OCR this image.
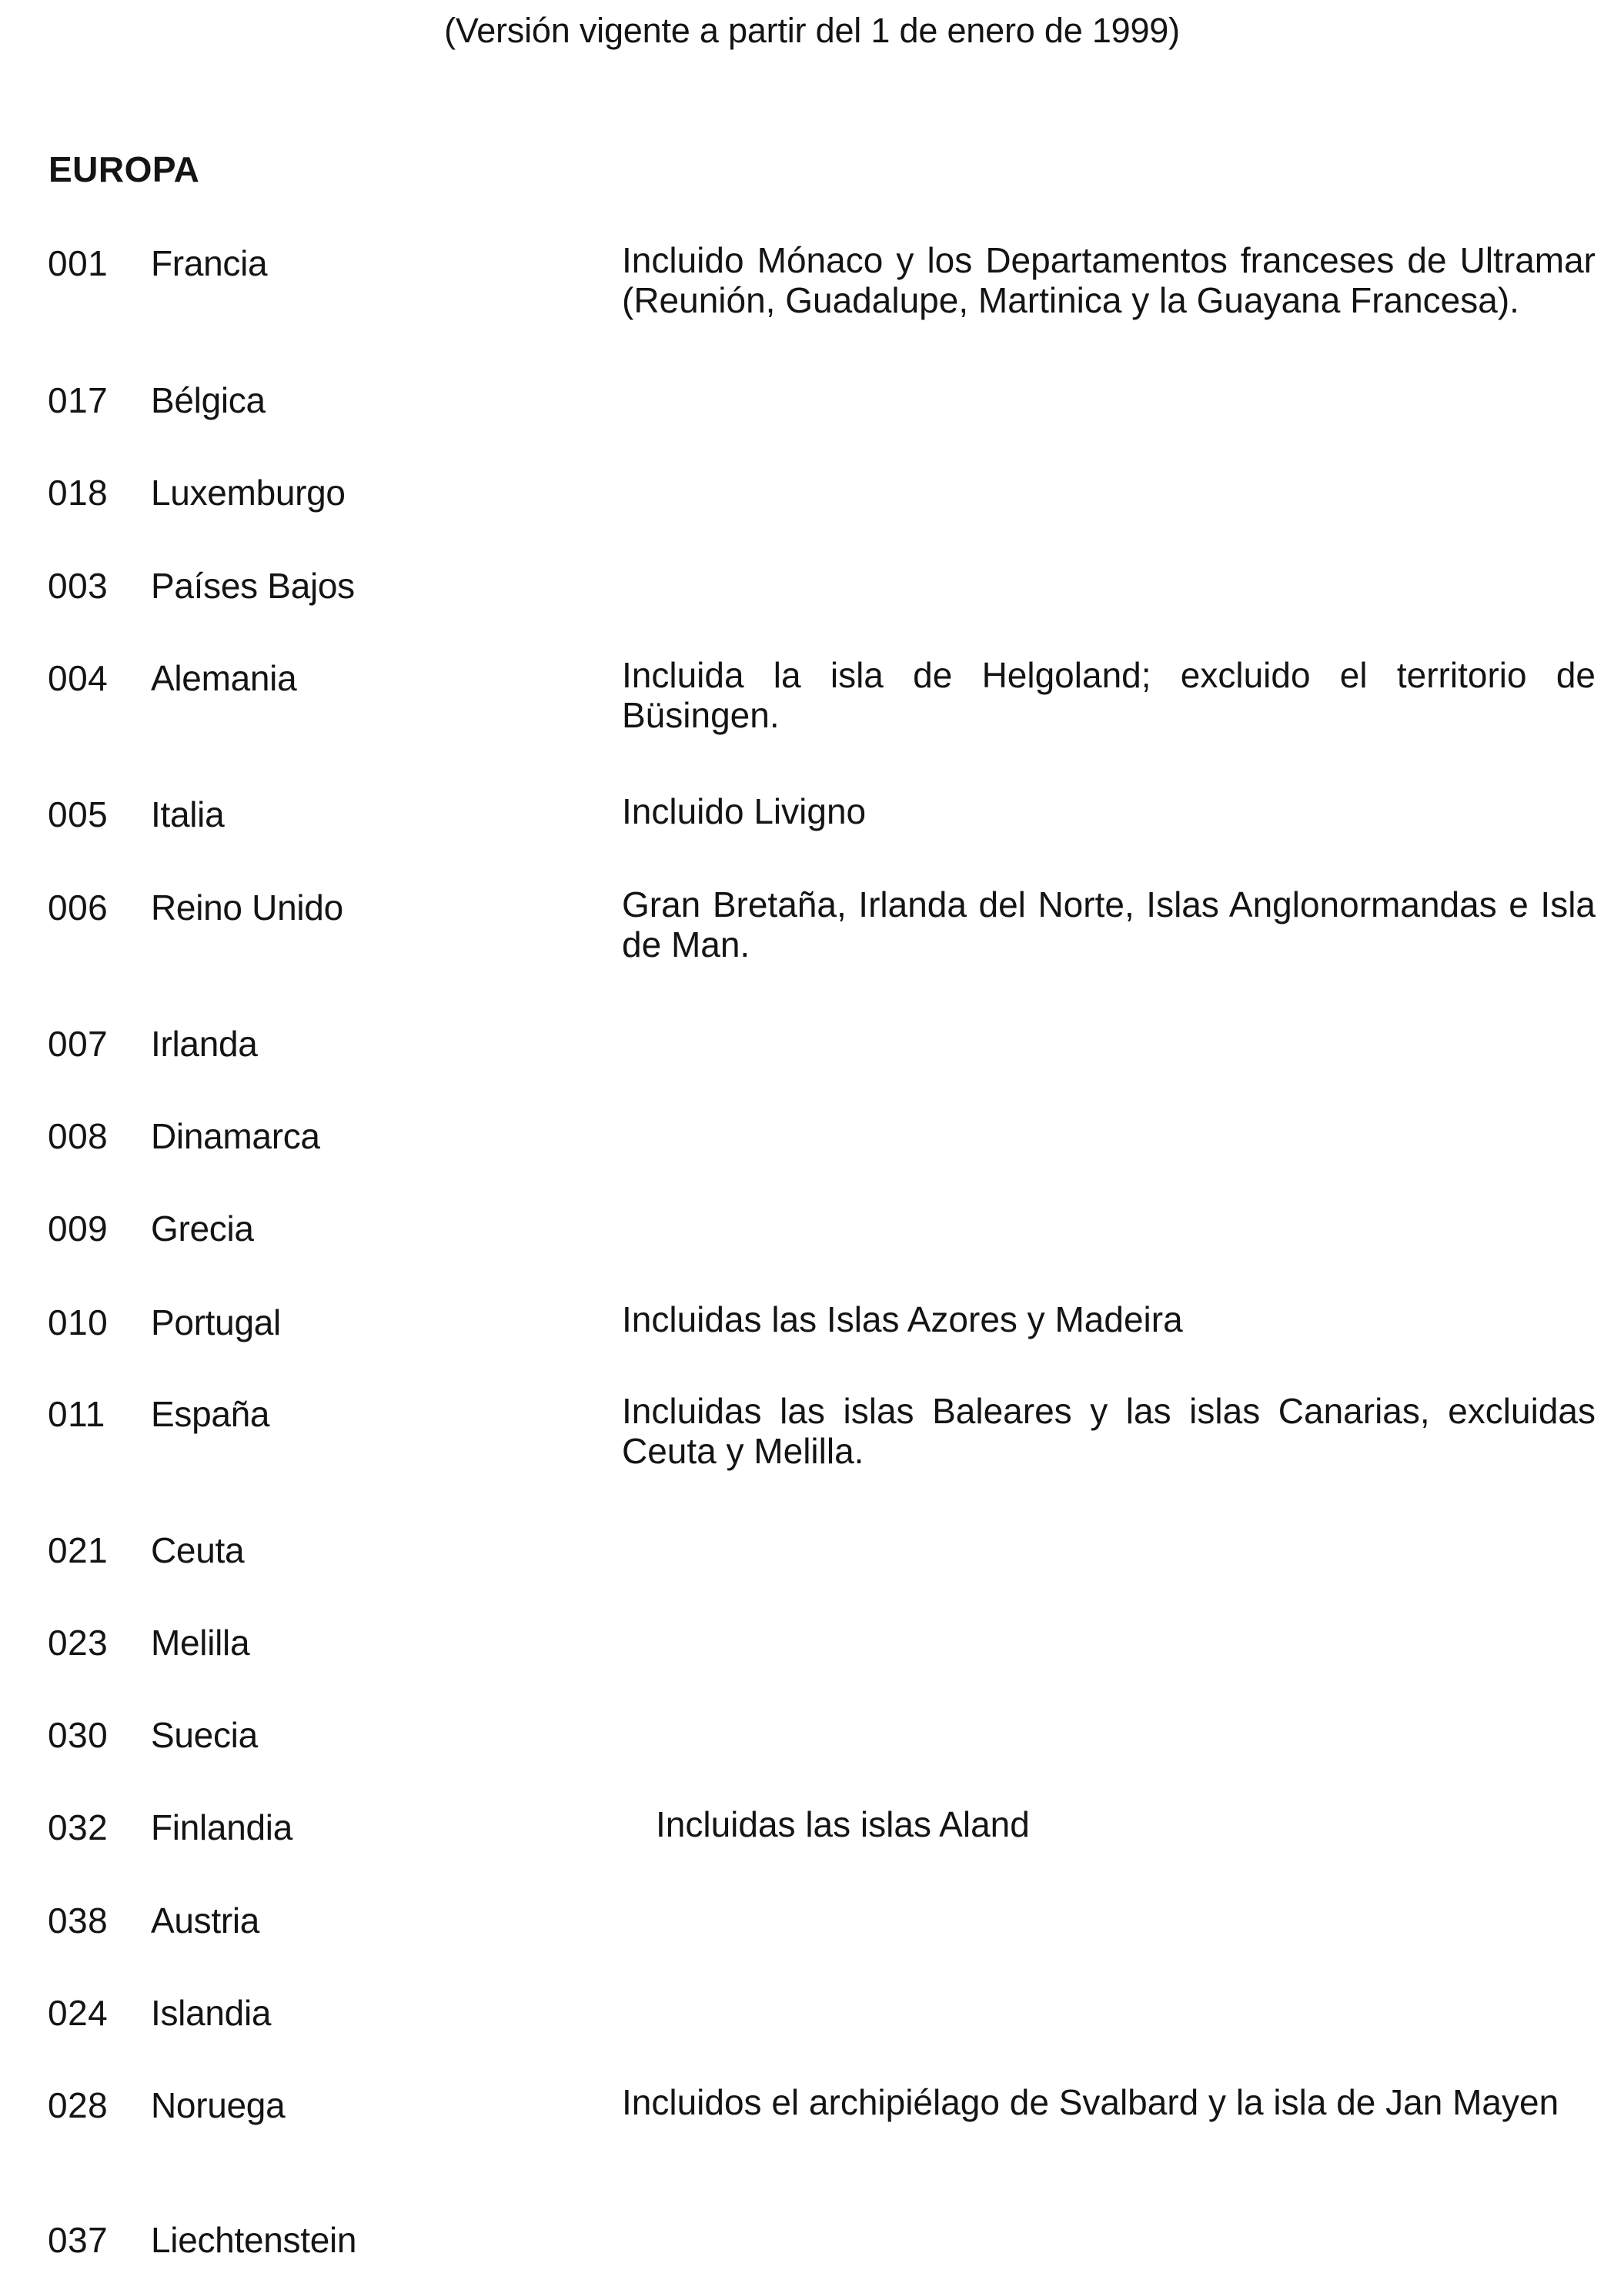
(Versión vigente a partir del 1 de enero de 1999)
EUROPA
001 Francia	Incluido Mónaco y los Departamentos franceses de Ultramar (Reunión, Guadalupe, Martinica y la Guayana Francesa).
017 Bélgica
018 Luxemburgo
003 Países Bajos
004 Alemania	Incluida la isla de Helgoland; excluido el territorio de Büsingen.
005 Italia	Incluido Livigno
006 Reino Unido	Gran Bretaña, Irlanda del Norte, Islas Anglonormandas e Isla de Man.
007 Irlanda
008 Dinamarca
009 Grecia
010 Portugal	Incluidas las Islas Azores y Madeira
011 España	Incluidas las islas Baleares y las islas Canarias, excluidas Ceuta y Melilla.
021 Ceuta
023 Melilla
030 Suecia
032 Finlandia	Incluidas las islas Aland
038 Austria
024 Islandia
028 Noruega	Incluidos el archipiélago de Svalbard y la isla de Jan Mayen
037 Liechtenstein
